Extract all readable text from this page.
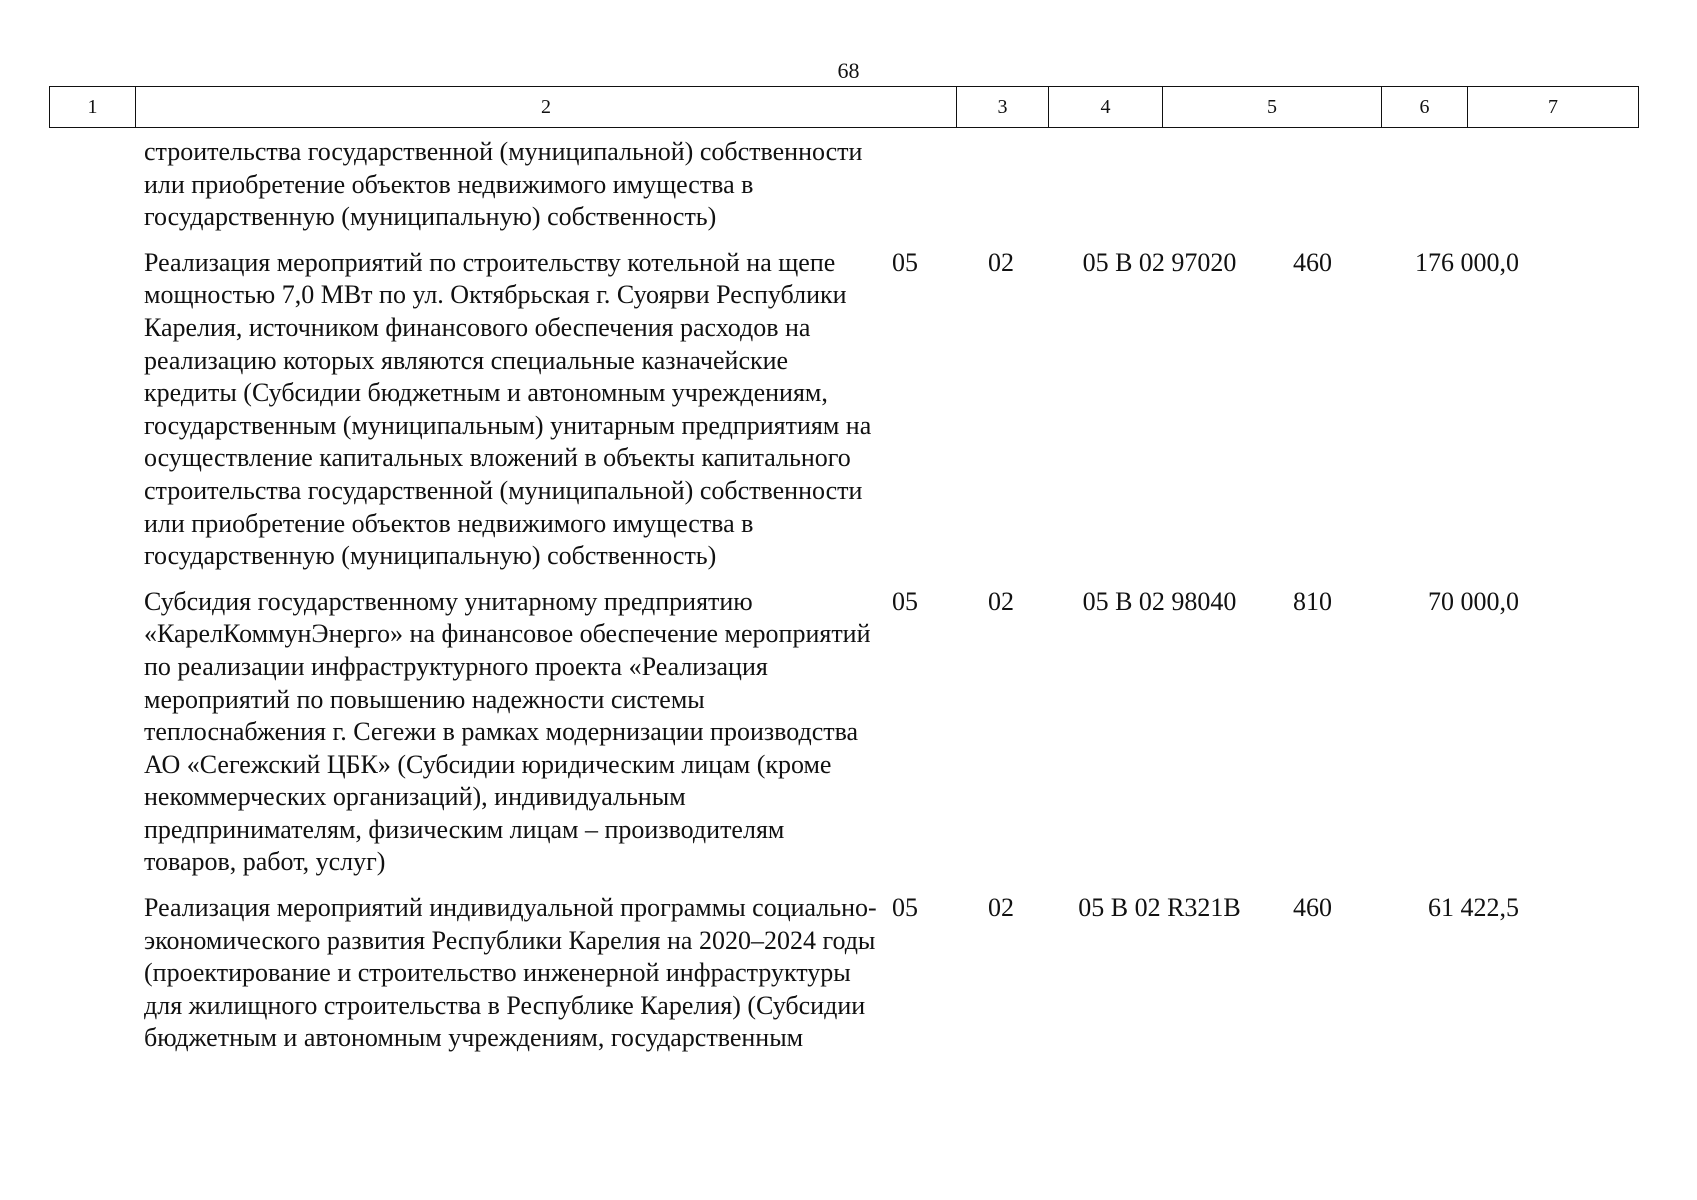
68
1	2	3	4	5	6	7
строительства государственной (муниципальной) собственности
или приобретение объектов недвижимого имущества в
государственную (муниципальную) собственность)
Реализация мероприятий по строительству котельной на щепе
мощностью 7,0 МВт по ул. Октябрьская г. Суоярви Республики
Карелия, источником финансового обеспечения расходов на
реализацию которых являются специальные казначейские
кредиты (Субсидии бюджетным и автономным учреждениям,
государственным (муниципальным) унитарным предприятиям на
осуществление капитальных вложений в объекты капитального
строительства государственной (муниципальной) собственности
или приобретение объектов недвижимого имущества в
государственную (муниципальную) собственность)
05	02	05 В 02 97020	460	176 000,0
Субсидия государственному унитарному предприятию
«КарелКоммунЭнерго» на финансовое обеспечение мероприятий
по реализации инфраструктурного проекта «Реализация
мероприятий по повышению надежности системы
теплоснабжения г. Сегежи в рамках модернизации производства
АО «Сегежский ЦБК» (Субсидии юридическим лицам (кроме
некоммерческих организаций), индивидуальным
предпринимателям, физическим лицам – производителям
товаров, работ, услуг)
05	02	05 В 02 98040	810	70 000,0
Реализация мероприятий индивидуальной программы социально-
экономического развития Республики Карелия на 2020–2024 годы
(проектирование и строительство инженерной инфраструктуры
для жилищного строительства в Республике Карелия) (Субсидии
бюджетным и автономным учреждениям, государственным
05	02	05 В 02 R321В	460	61 422,5
